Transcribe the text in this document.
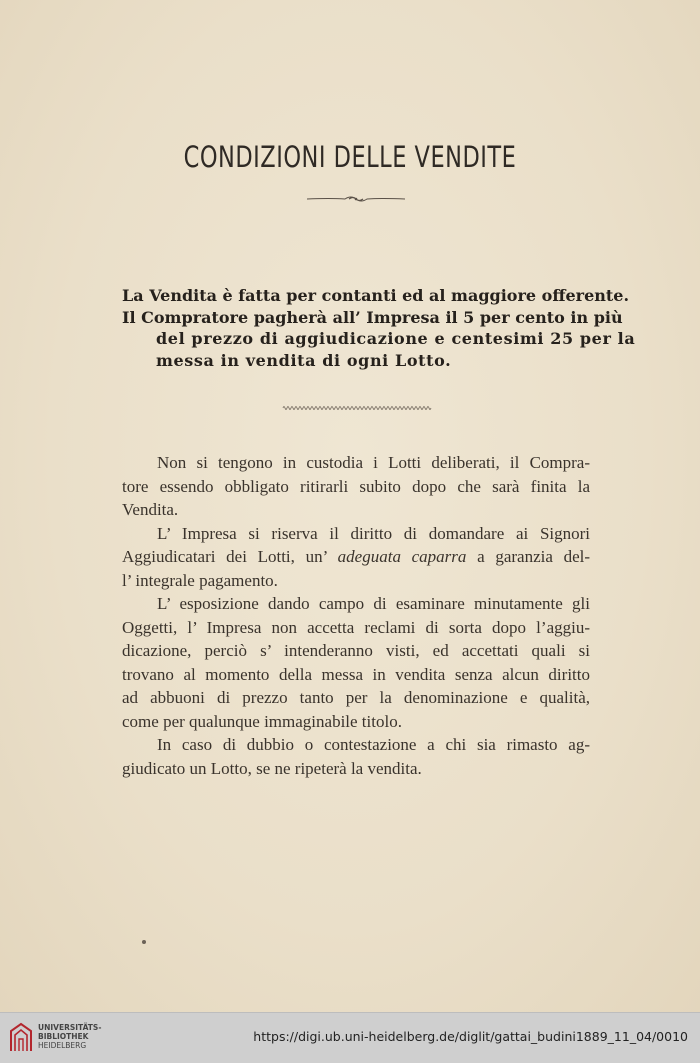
CONDIZIONI DELLE VENDITE
La Vendita è fatta per contanti ed al maggiore offerente.
Il Compratore pagherà all’ Impresa il 5 per cento in più
del prezzo di aggiudicazione e centesimi 25 per la
messa in vendita di ogni Lotto.

Non si tengono in custodia i Lotti deliberati, il Compra-
tore essendo obbligato ritirarli subito dopo che sarà finita la
Vendita.

L’ Impresa si riserva il diritto di domandare ai Signori
Aggiudicatari dei Lotti, un’ adeguata caparra a garanzia del-
l’ integrale pagamento.

L’ esposizione dando campo di esaminare minutamente gli
Oggetti, l’ Impresa non accetta reclami di sorta dopo l’aggiu-
dicazione, perciò s’ intenderanno visti, ed accettati quali si
trovano al momento della messa in vendita senza alcun diritto
ad abbuoni di prezzo tanto per la denominazione e qualità,
come per qualunque immaginabile titolo.

In caso di dubbio o contestazione a chi sia rimasto ag-
giudicato un Lotto, se ne ripeterà la vendita.

UNIVERSITÄTS-
BIBLIOTHEK
HEIDELBERG
https://digi.ub.uni-heidelberg.de/diglit/gattai_budini1889_11_04/0010
